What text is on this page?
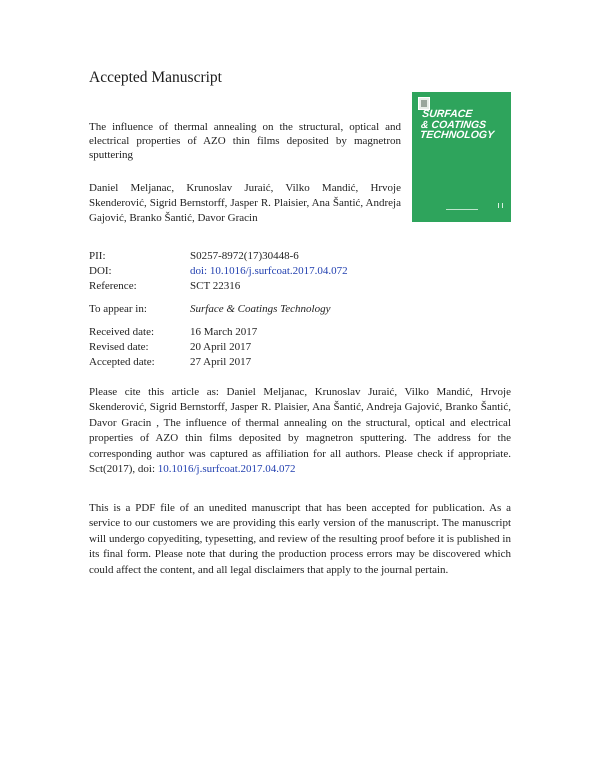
Accepted Manuscript
The influence of thermal annealing on the structural, optical and electrical properties of AZO thin films deposited by magnetron sputtering
Daniel Meljanac, Krunoslav Juraić, Vilko Mandić, Hrvoje Skenderović, Sigrid Bernstorff, Jasper R. Plaisier, Ana Šantić, Andreja Gajović, Branko Šantić, Davor Gracin
SURFACE
& COATINGS
TECHNOLOGY
PII:	S0257-8972(17)30448-6
DOI:	doi: 10.1016/j.surfcoat.2017.04.072
Reference:	SCT 22316
To appear in:	Surface & Coatings Technology
Received date:	16 March 2017
Revised date:	20 April 2017
Accepted date:	27 April 2017
Please cite this article as: Daniel Meljanac, Krunoslav Juraić, Vilko Mandić, Hrvoje Skenderović, Sigrid Bernstorff, Jasper R. Plaisier, Ana Šantić, Andreja Gajović, Branko Šantić, Davor Gracin , The influence of thermal annealing on the structural, optical and electrical properties of AZO thin films deposited by magnetron sputtering. The address for the corresponding author was captured as affiliation for all authors. Please check if appropriate. Sct(2017), doi: 10.1016/j.surfcoat.2017.04.072
This is a PDF file of an unedited manuscript that has been accepted for publication. As a service to our customers we are providing this early version of the manuscript. The manuscript will undergo copyediting, typesetting, and review of the resulting proof before it is published in its final form. Please note that during the production process errors may be discovered which could affect the content, and all legal disclaimers that apply to the journal pertain.
